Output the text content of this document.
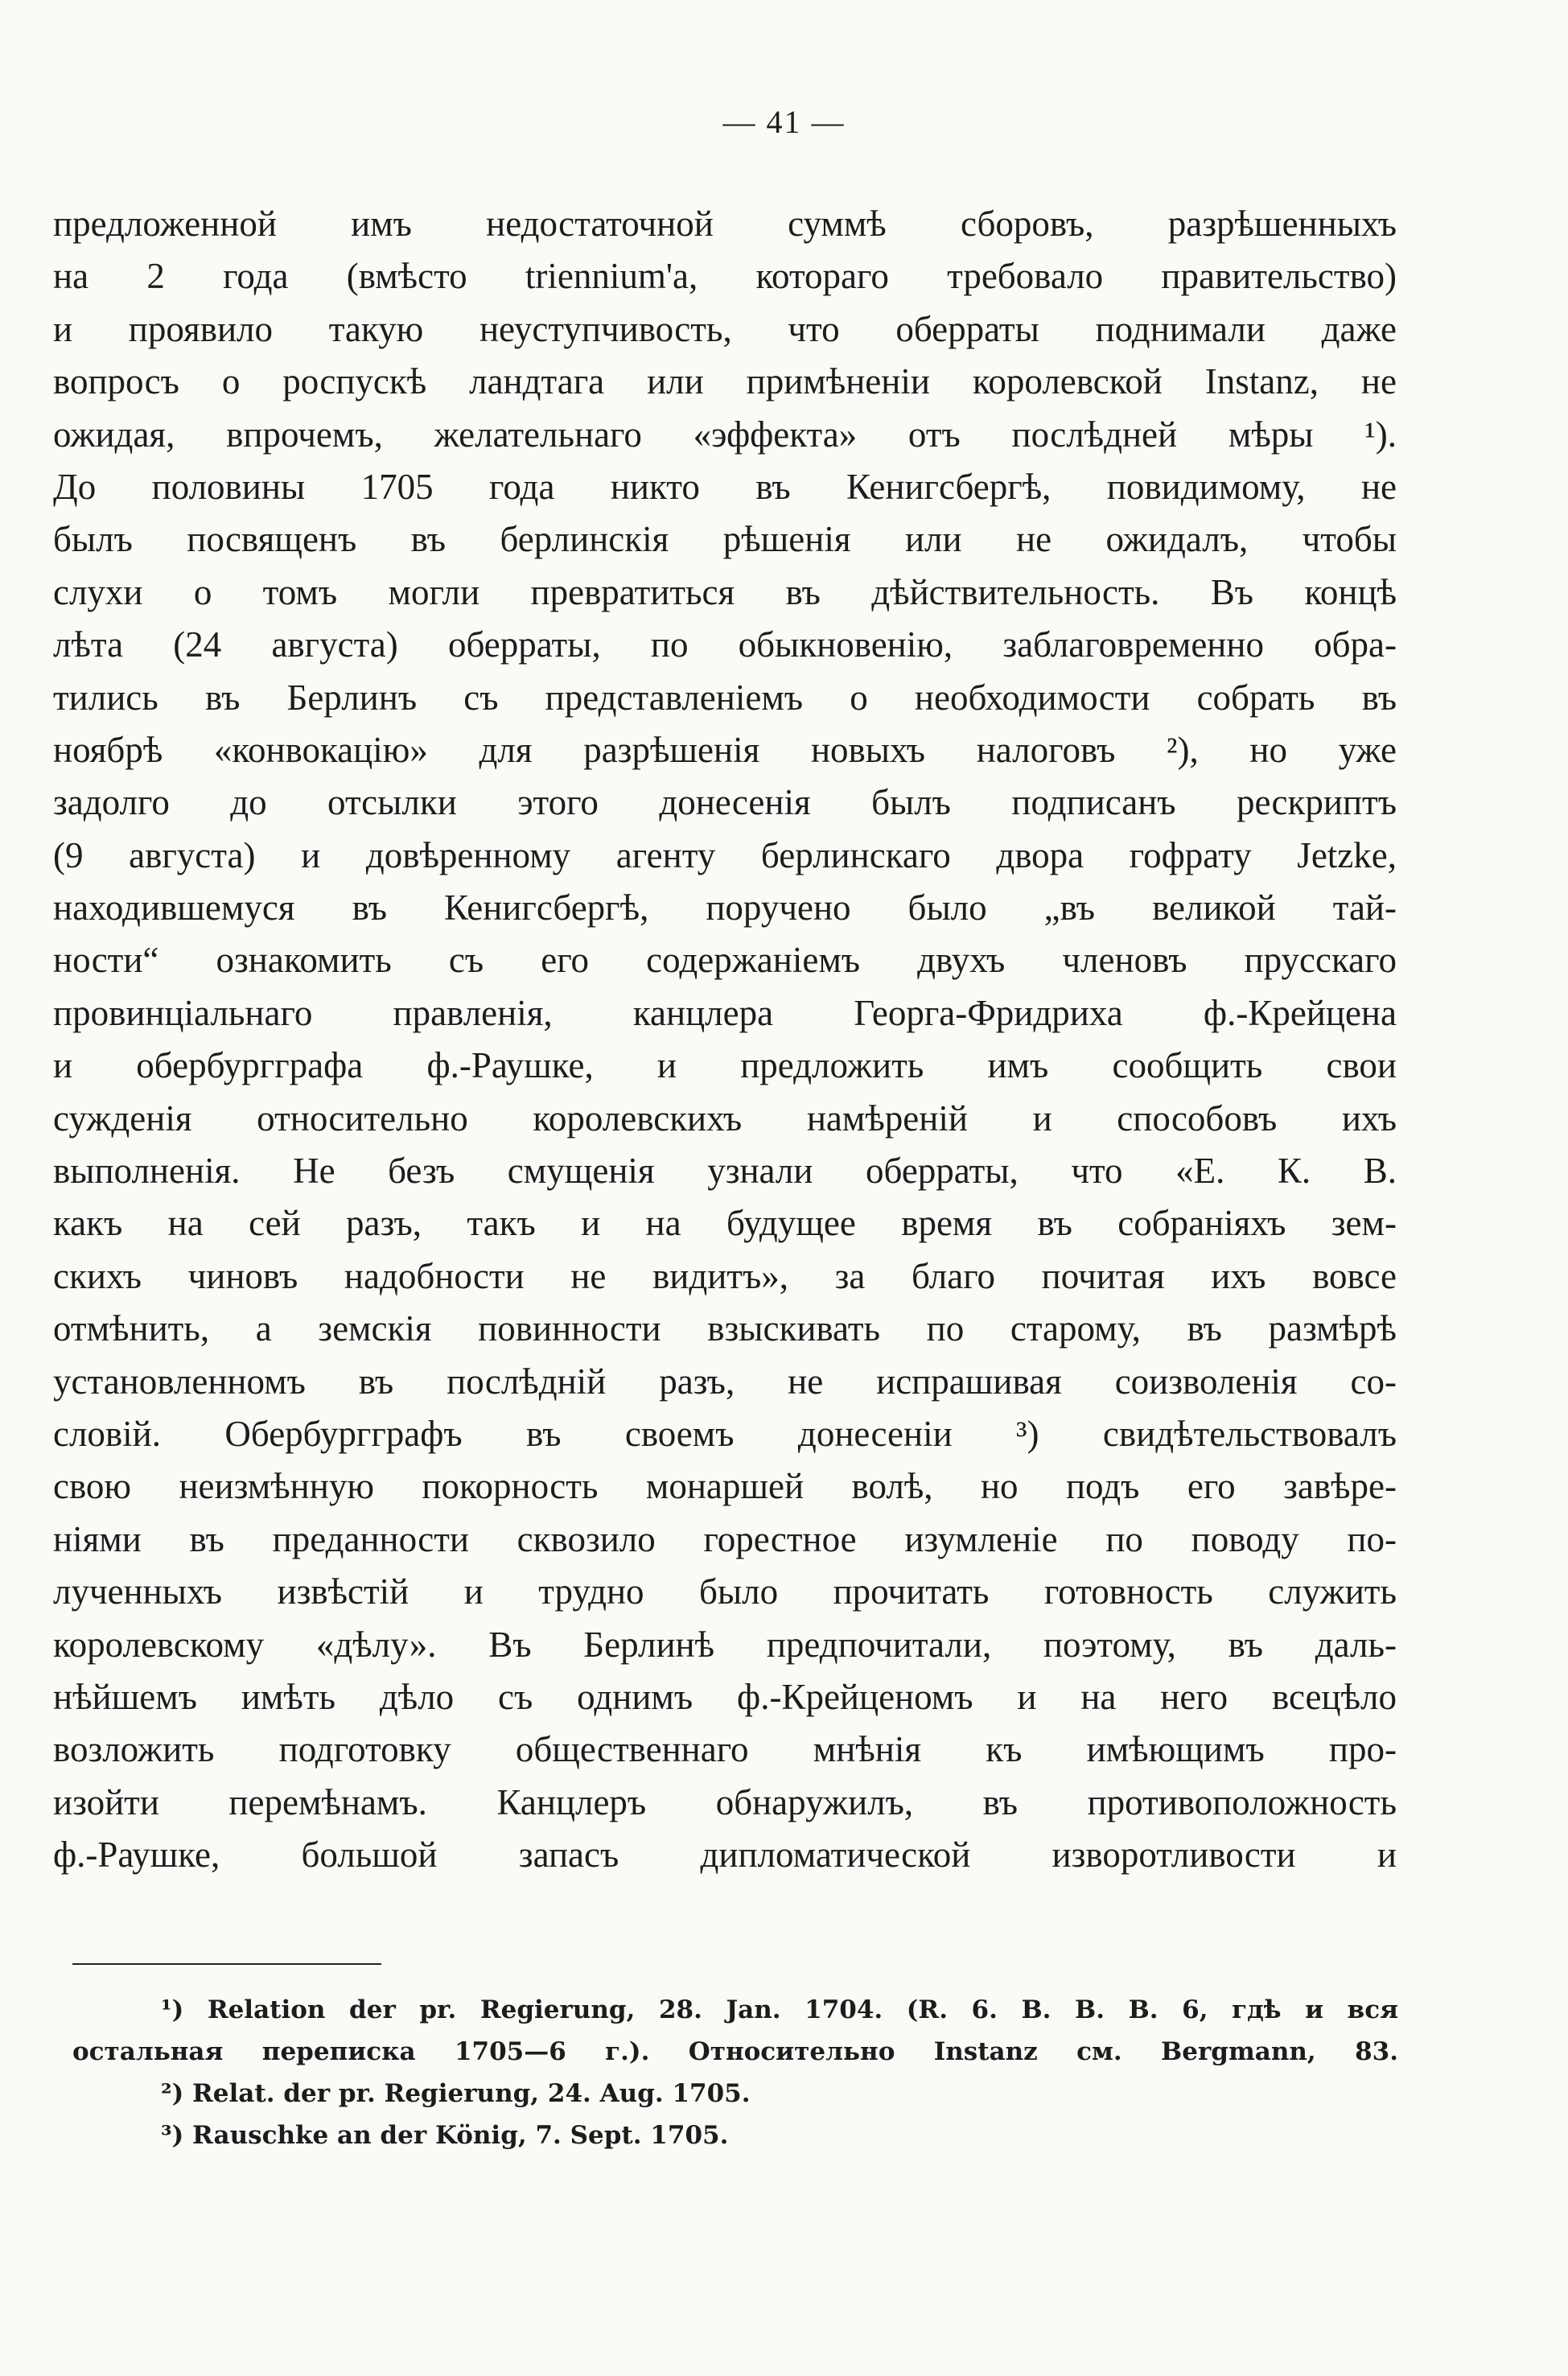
— 41 —
предложенной имъ недостаточной суммѣ сборовъ, разрѣшенныхъ
на 2 года (вмѣсто triennium'а, котораго требовало правительство)
и проявило такую неуступчивость, что оберраты поднимали даже
вопросъ о роспускѣ ландтага или примѣненіи королевской Instanz, не
ожидая, впрочемъ, желательнаго «эффекта» отъ послѣдней мѣры ¹).
До половины 1705 года никто въ Кенигсбергѣ, повидимому, не
былъ посвященъ въ берлинскія рѣшенія или не ожидалъ, чтобы
слухи о томъ могли превратиться въ дѣйствительность. Въ концѣ
лѣта (24 августа) оберраты, по обыкновенію, заблаговременно обра-
тились въ Берлинъ съ представленіемъ о необходимости собрать въ
ноябрѣ «конвокацію» для разрѣшенія новыхъ налоговъ ²), но уже
задолго до отсылки этого донесенія былъ подписанъ рескриптъ
(9 августа) и довѣренному агенту берлинскаго двора гофрату Jetzke,
находившемуся въ Кенигсбергѣ, поручено было „въ великой тай-
ности“ ознакомить съ его содержаніемъ двухъ членовъ прусскаго
провинціальнаго правленія, канцлера Георга-Фридриха ф.-Крейцена
и обербургграфа ф.-Раушке, и предложить имъ сообщить свои
сужденія относительно королевскихъ намѣреній и способовъ ихъ
выполненія. Не безъ смущенія узнали оберраты, что «Е. К. В.
какъ на сей разъ, такъ и на будущее время въ собраніяхъ зем-
скихъ чиновъ надобности не видитъ», за благо почитая ихъ вовсе
отмѣнить, а земскія повинности взыскивать по старому, въ размѣрѣ
установленномъ въ послѣдній разъ, не испрашивая соизволенія со-
словій. Обербургграфъ въ своемъ донесеніи ³) свидѣтельствовалъ
свою неизмѣнную покорность монаршей волѣ, но подъ его завѣре-
ніями въ преданности сквозило горестное изумленіе по поводу по-
лученныхъ извѣстій и трудно было прочитать готовность служить
королевскому «дѣлу». Въ Берлинѣ предпочитали, поэтому, въ даль-
нѣйшемъ имѣть дѣло съ однимъ ф.-Крейценомъ и на него всецѣло
возложить подготовку общественнаго мнѣнія къ имѣющимъ про-
изойти перемѣнамъ. Канцлеръ обнаружилъ, въ противоположность
ф.-Раушке, большой запасъ дипломатической изворотливости и
¹) Relation der pr. Regierung, 28. Jan. 1704. (R. 6. B. B. B. 6, гдѣ и вся
остальная переписка 1705—6 г.). Относительно Instanz см. Bergmann, 83.
²) Relat. der pr. Regierung, 24. Aug. 1705.
³) Rauschke an der König, 7. Sept. 1705.
